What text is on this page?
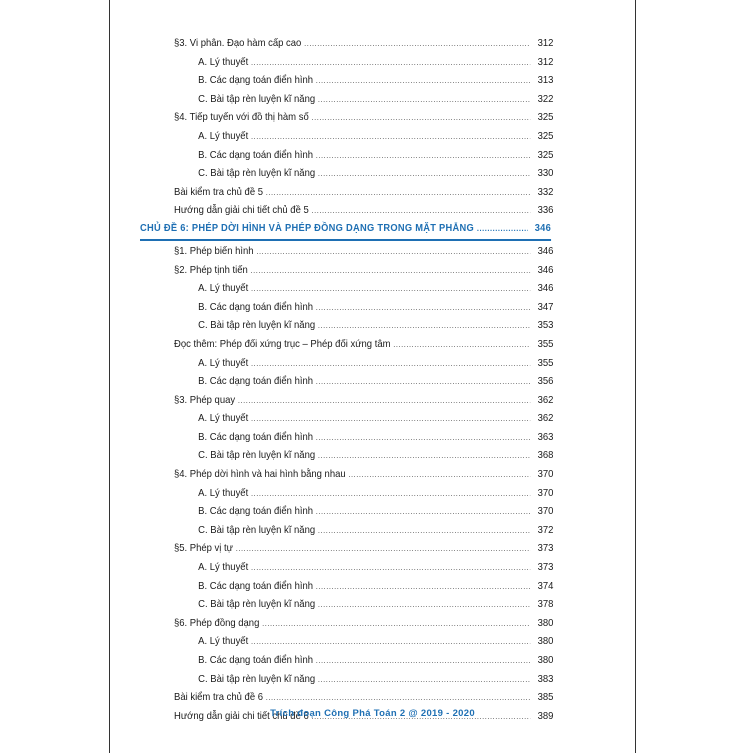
§3. Vi phân. Đạo hàm cấp cao .....	312
A. Lý thuyết .....	312
B. Các dạng toán điển hình .....	313
C. Bài tập rèn luyện kĩ năng .....	322
§4. Tiếp tuyến với đồ thị hàm số .....	325
A. Lý thuyết .....	325
B. Các dạng toán điển hình .....	325
C. Bài tập rèn luyện kĩ năng .....	330
Bài kiểm tra chủ đề 5 .....	332
Hướng dẫn giải chi tiết chủ đề 5 .....	336
CHỦ ĐỀ 6: PHÉP DỜI HÌNH VÀ PHÉP ĐỒNG DẠNG TRONG MẶT PHẲNG .....	346
§1. Phép biến hình .....	346
§2. Phép tịnh tiến .....	346
A. Lý thuyết .....	346
B. Các dạng toán điển hình .....	347
C. Bài tập rèn luyện kĩ năng .....	353
Đọc thêm: Phép đối xứng trục – Phép đối xứng tâm .....	355
A. Lý thuyết .....	355
B. Các dạng toán điển hình .....	356
§3. Phép quay .....	362
A. Lý thuyết .....	362
B. Các dạng toán điển hình .....	363
C. Bài tập rèn luyện kĩ năng .....	368
§4. Phép dời hình và hai hình bằng nhau .....	370
A. Lý thuyết .....	370
B. Các dạng toán điển hình .....	370
C. Bài tập rèn luyện kĩ năng .....	372
§5. Phép vị tự .....	373
A. Lý thuyết .....	373
B. Các dạng toán điển hình .....	374
C. Bài tập rèn luyện kĩ năng .....	378
§6. Phép đồng dạng .....	380
A. Lý thuyết .....	380
B. Các dạng toán điển hình .....	380
C. Bài tập rèn luyện kĩ năng .....	383
Bài kiểm tra chủ đề 6 .....	385
Hướng dẫn giải chi tiết chủ đề 6 .....	389
Trích đoạn Công Phá Toán 2 @ 2019 - 2020
